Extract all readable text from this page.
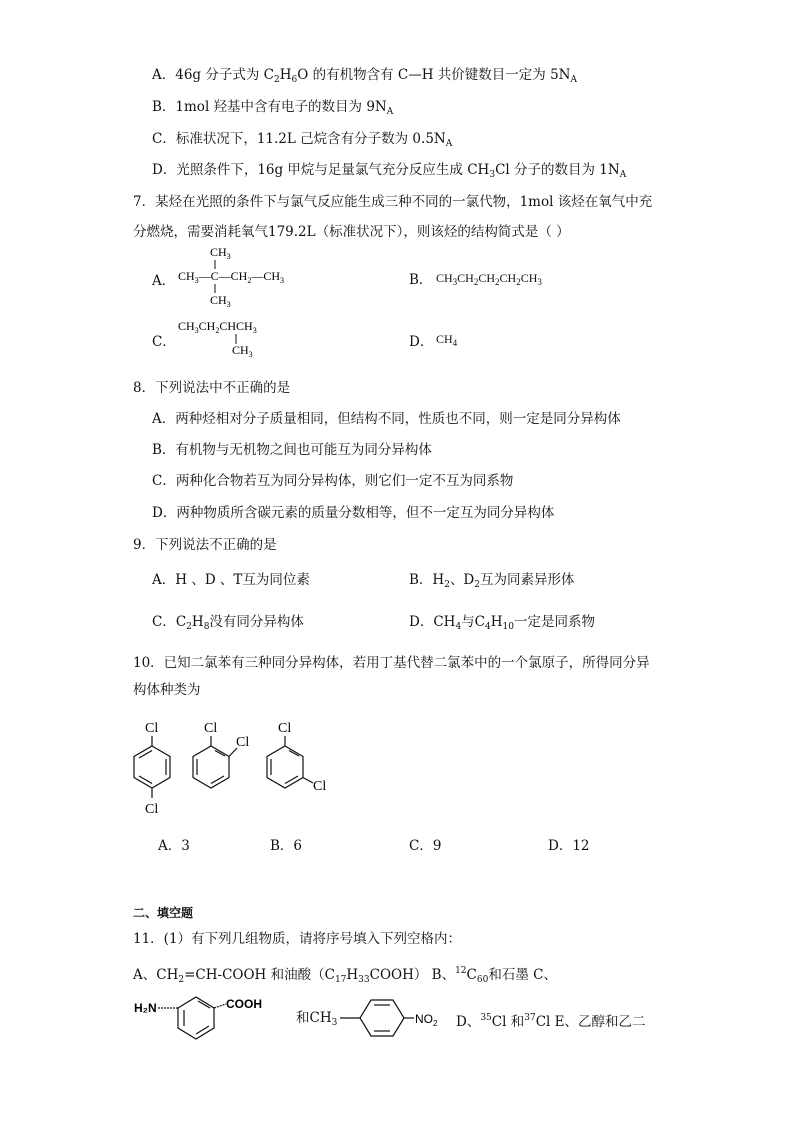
A．46g 分子式为 $C_2H_6O$ 的有机物含有 C—H 共价键数目一定为 $5N_A$
B．1mol 羟基中含有电子的数目为 $9N_A$
C．标准状况下，11.2L 己烷含有分子数为 $0.5N_A$
D．光照条件下，16g 甲烷与足量氯气充分反应生成 $CH_3Cl$ 分子的数目为 $1N_A$
7．某烃在光照的条件下与氯气反应能生成三种不同的一氯代物，1mol 该烃在氧气中充
分燃烧，需要消耗氧气179.2L（标准状况下），则该烃的结构简式是（ ）
A．
$CH_3$
$CH_3—C—CH_2—CH_3$
$CH_3$
B． $CH_3CH_2CH_2CH_2CH_3$
C．
$CH_3CH_2CHCH_3$
$CH_3$
D． $CH_4$
8．下列说法中不正确的是
A．两种烃相对分子质量相同，但结构不同，性质也不同，则一定是同分异构体
B．有机物与无机物之间也可能互为同分异构体
C．两种化合物若互为同分异构体，则它们一定不互为同系物
D．两种物质所含碳元素的质量分数相等，但不一定互为同分异构体
9．下列说法不正确的是
A．H 、D 、T互为同位素	B．$H_2$、$D_2$互为同素异形体
C．$C_2H_8$没有同分异构体	D．$CH_4$与$C_4H_{10}$一定是同系物
10．已知二氯苯有三种同分异构体，若用丁基代替二氯苯中的一个氯原子，所得同分异
构体种类为
Cl
Cl
Cl
Cl
Cl
Cl
A．3	B．6	C．9	D．12
二、填空题
11．(1）有下列几组物质，请将序号填入下列空格内：
A、$CH_2=CH$-COOH 和油酸$(C_{17}H_{33}COOH)$ B、$^{12}C_{60}$和石墨 C、
H₂N	COOH
和$CH_3$	$NO_2$ D、$^{35}$Cl 和$^{37}$Cl E、乙醇和乙二
